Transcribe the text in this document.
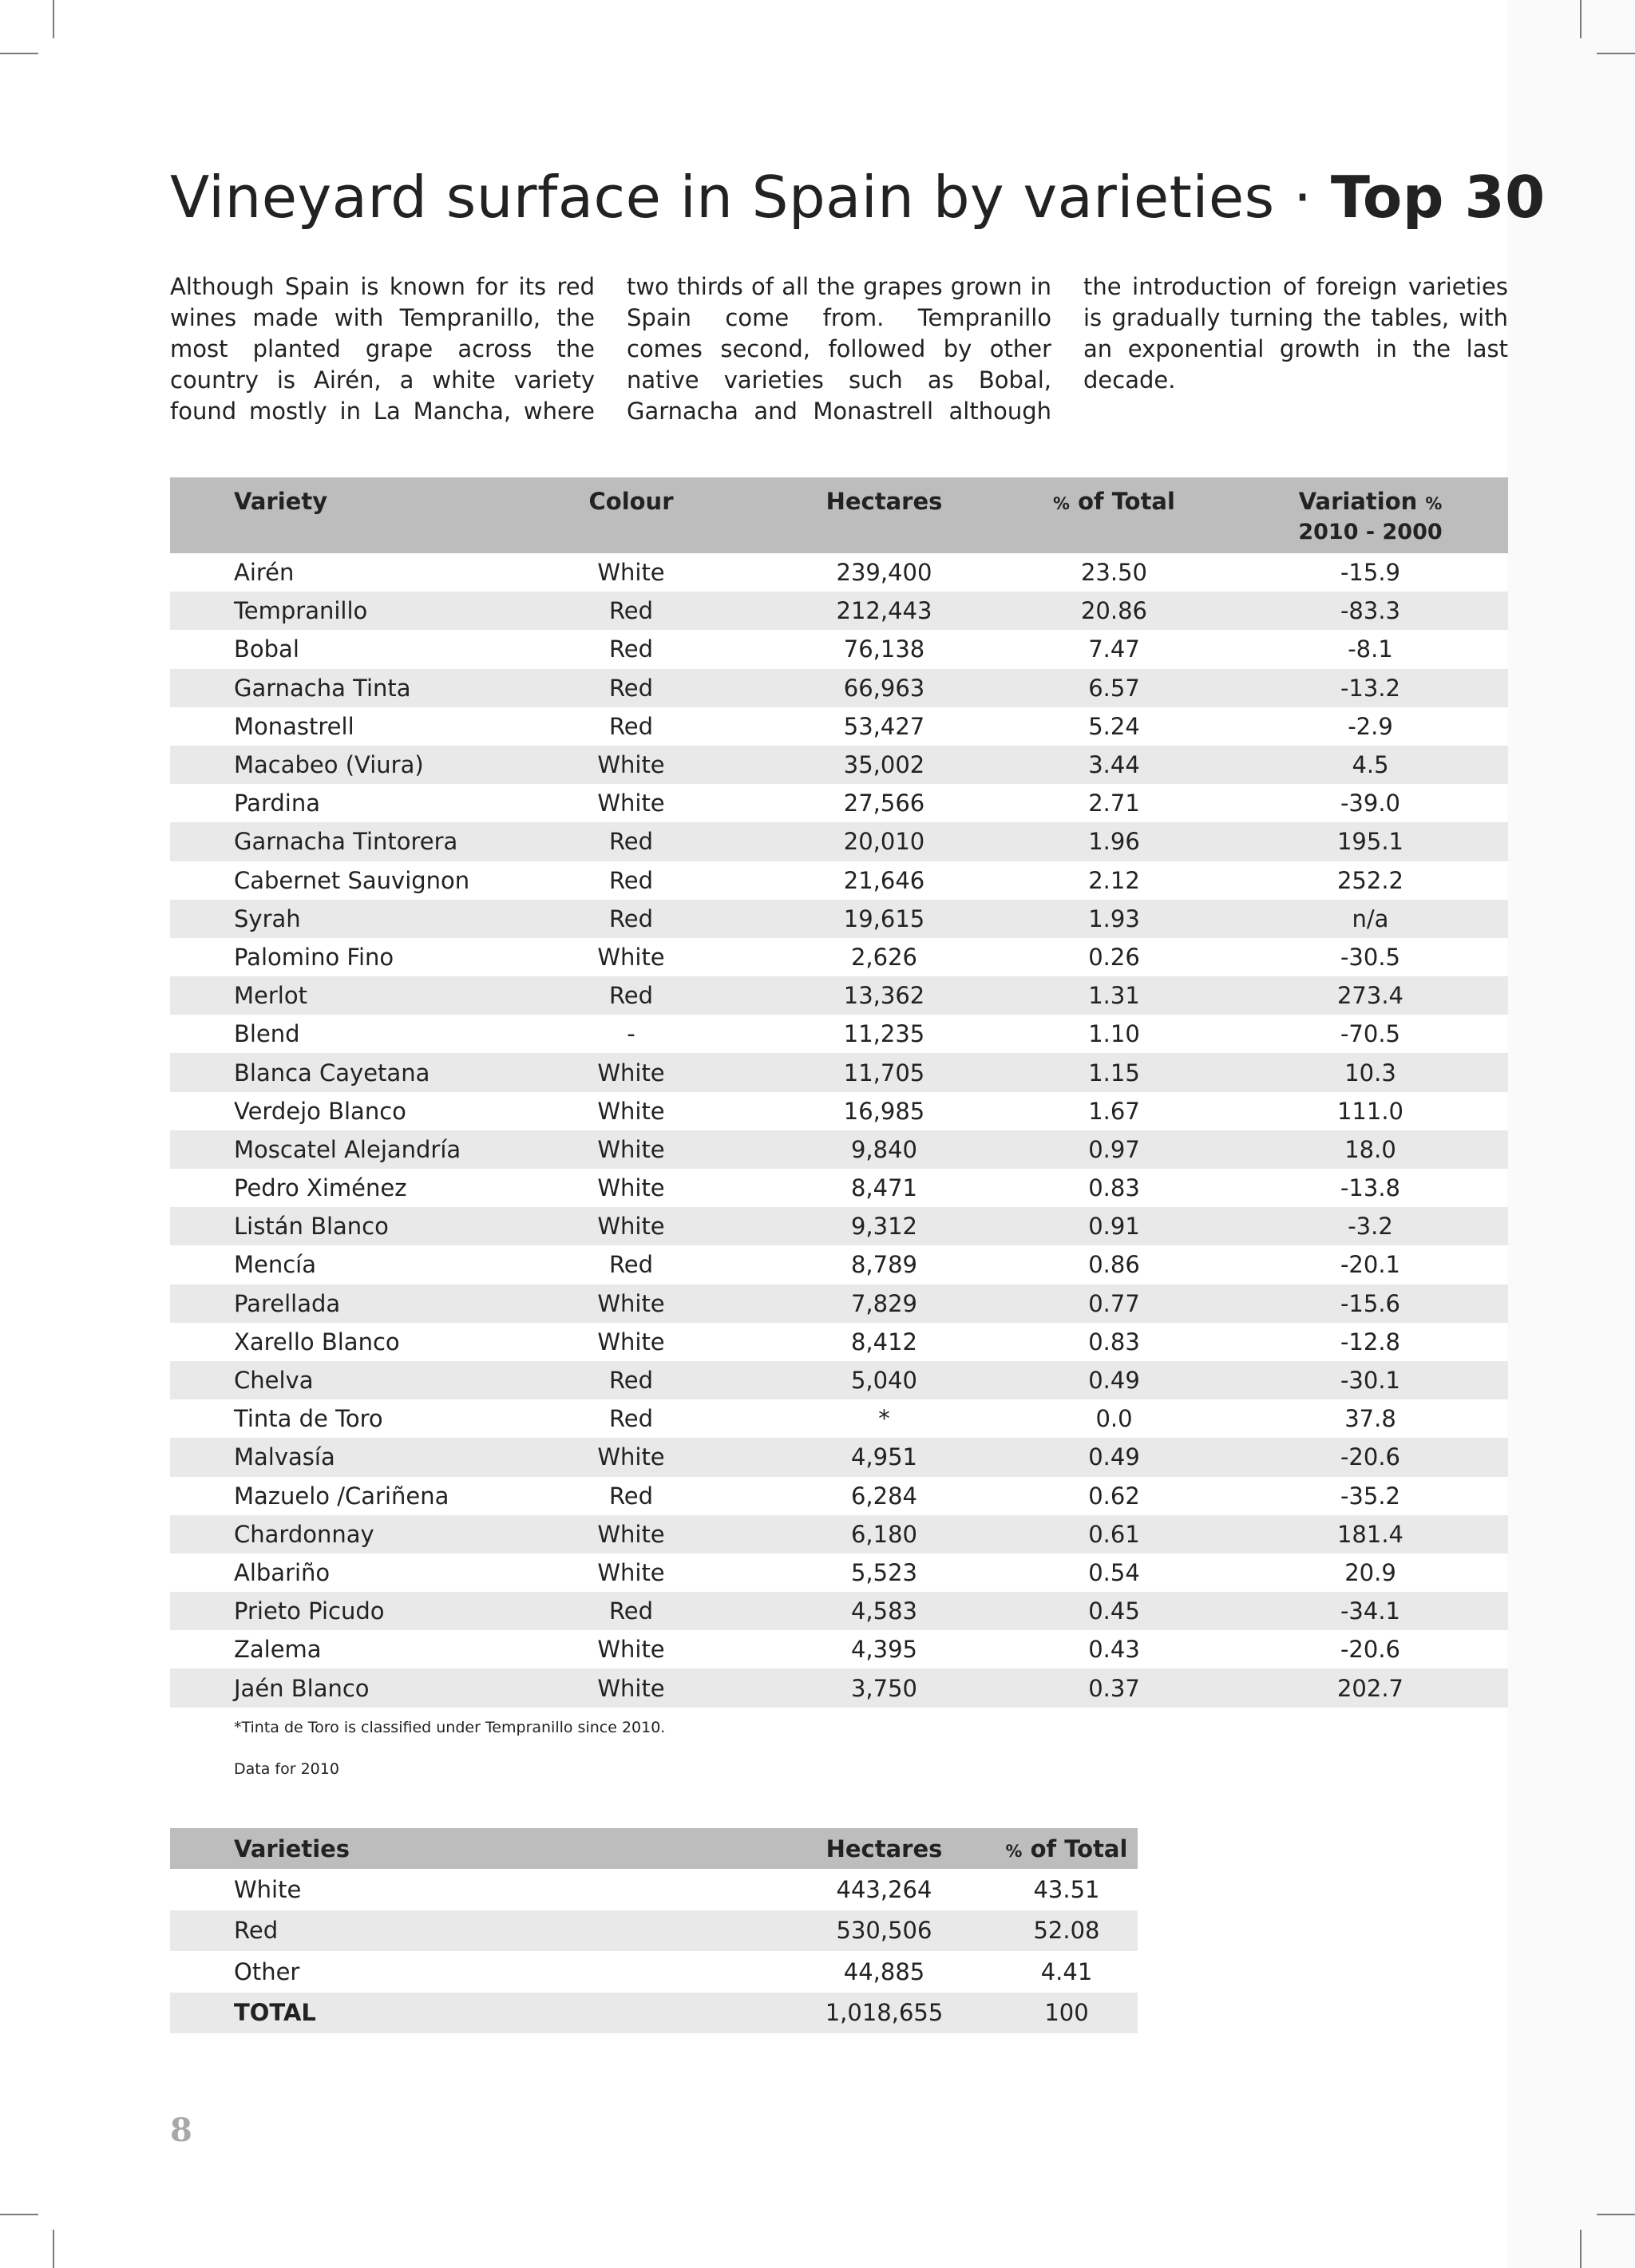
Vineyard surface in Spain by varieties · Top 30
Although Spain is known for its red wines made with Tempranillo, the most planted grape across the country is Airén, a white variety found mostly in La Mancha, where two thirds of all the grapes grown in Spain come from. Tempranillo comes second, followed by other native varieties such as Bobal, Garnacha and Monastrell although the introduction of foreign varieties is gradually turning the tables, with an exponential growth in the last decade.
Variety	Colour	Hectares	% of Total	Variation %
2010 - 2000

Airén	White	239,400	23.50	-15.9
Tempranillo	Red	212,443	20.86	-83.3
Bobal	Red	76,138	7.47	-8.1
Garnacha Tinta	Red	66,963	6.57	-13.2
Monastrell	Red	53,427	5.24	-2.9
Macabeo (Viura)	White	35,002	3.44	4.5
Pardina	White	27,566	2.71	-39.0
Garnacha Tintorera	Red	20,010	1.96	195.1
Cabernet Sauvignon	Red	21,646	2.12	252.2
Syrah	Red	19,615	1.93	n/a
Palomino Fino	White	2,626	0.26	-30.5
Merlot	Red	13,362	1.31	273.4
Blend	-	11,235	1.10	-70.5
Blanca Cayetana	White	11,705	1.15	10.3
Verdejo Blanco	White	16,985	1.67	111.0
Moscatel Alejandría	White	9,840	0.97	18.0
Pedro Ximénez	White	8,471	0.83	-13.8
Listán Blanco	White	9,312	0.91	-3.2
Mencía	Red	8,789	0.86	-20.1
Parellada	White	7,829	0.77	-15.6
Xarello Blanco	White	8,412	0.83	-12.8
Chelva	Red	5,040	0.49	-30.1
Tinta de Toro	Red	*	0.0	37.8
Malvasía	White	4,951	0.49	-20.6
Mazuelo /Cariñena	Red	6,284	0.62	-35.2
Chardonnay	White	6,180	0.61	181.4
Albariño	White	5,523	0.54	20.9
Prieto Picudo	Red	4,583	0.45	-34.1
Zalema	White	4,395	0.43	-20.6
Jaén Blanco	White	3,750	0.37	202.7
*Tinta de Toro is classified under Tempranillo since 2010.
Data for 2010
Varieties	Hectares	% of Total
White	443,264	43.51
Red	530,506	52.08
Other	44,885	4.41
TOTAL	1,018,655	100
8
